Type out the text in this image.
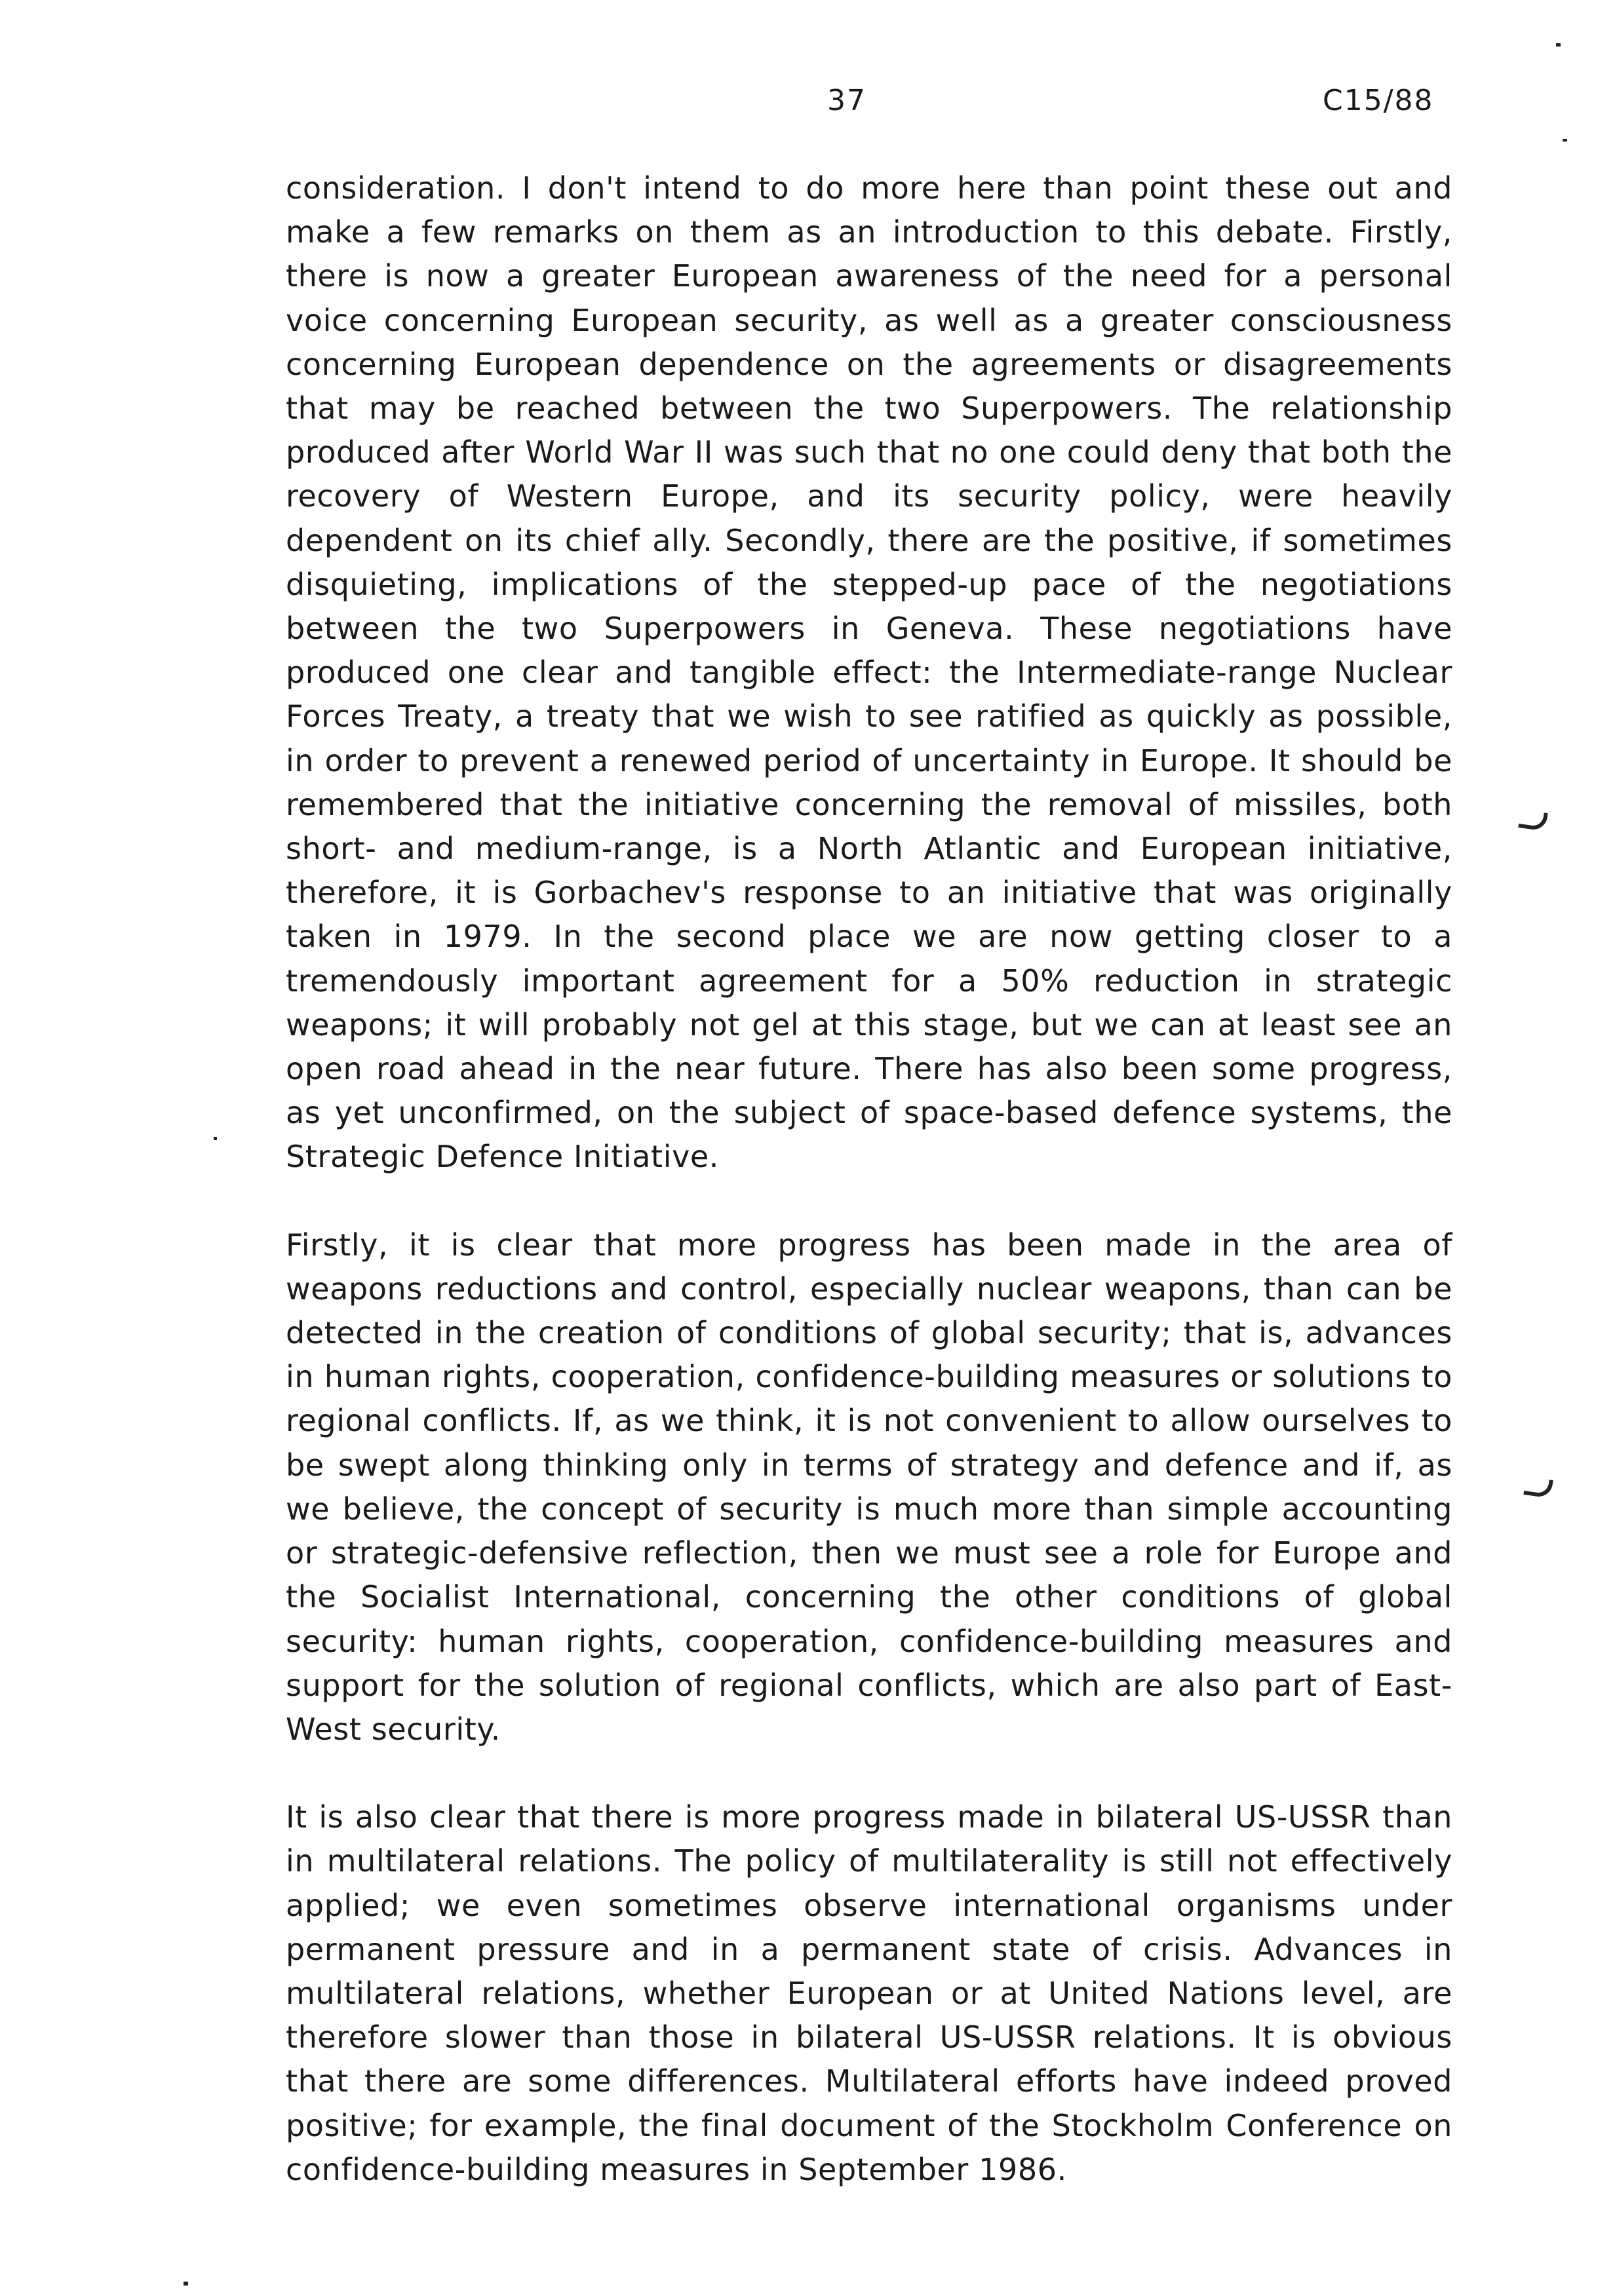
37	C15/88

consideration. I don't intend to do more here than point these out and make a few remarks on them as an introduction to this debate. Firstly, there is now a greater European awareness of the need for a personal voice concerning European security, as well as a greater consciousness concerning European dependence on the agreements or disagreements that may be reached between the two Superpowers. The relationship produced after World War II was such that no one could deny that both the recovery of Western Europe, and its security policy, were heavily dependent on its chief ally. Secondly, there are the positive, if sometimes disquieting, implications of the stepped-up pace of the negotiations between the two Superpowers in Geneva. These negotiations have produced one clear and tangible effect: the Intermediate-range Nuclear Forces Treaty, a treaty that we wish to see ratified as quickly as possible, in order to prevent a renewed period of uncertainty in Europe. It should be remembered that the initiative concerning the removal of missiles, both short- and medium-range, is a North Atlantic and European initiative, therefore, it is Gorbachev's response to an initiative that was originally taken in 1979. In the second place we are now getting closer to a tremendously important agreement for a 50% reduction in strategic weapons; it will probably not gel at this stage, but we can at least see an open road ahead in the near future. There has also been some progress, as yet unconfirmed, on the subject of space-based defence systems, the Strategic Defence Initiative.

Firstly, it is clear that more progress has been made in the area of weapons reductions and control, especially nuclear weapons, than can be detected in the creation of conditions of global security; that is, advances in human rights, cooperation, confidence-building measures or solutions to regional conflicts. If, as we think, it is not convenient to allow ourselves to be swept along thinking only in terms of strategy and defence and if, as we believe, the concept of security is much more than simple accounting or strategic-defensive reflection, then we must see a role for Europe and the Socialist International, concerning the other conditions of global security: human rights, cooperation, confidence-building measures and support for the solution of regional conflicts, which are also part of East-West security.

It is also clear that there is more progress made in bilateral US-USSR than in multilateral relations. The policy of multilaterality is still not effectively applied; we even sometimes observe international organisms under permanent pressure and in a permanent state of crisis. Advances in multilateral relations, whether European or at United Nations level, are therefore slower than those in bilateral US-USSR relations. It is obvious that there are some differences. Multilateral efforts have indeed proved positive; for example, the final document of the Stockholm Conference on confidence-building measures in September 1986.
